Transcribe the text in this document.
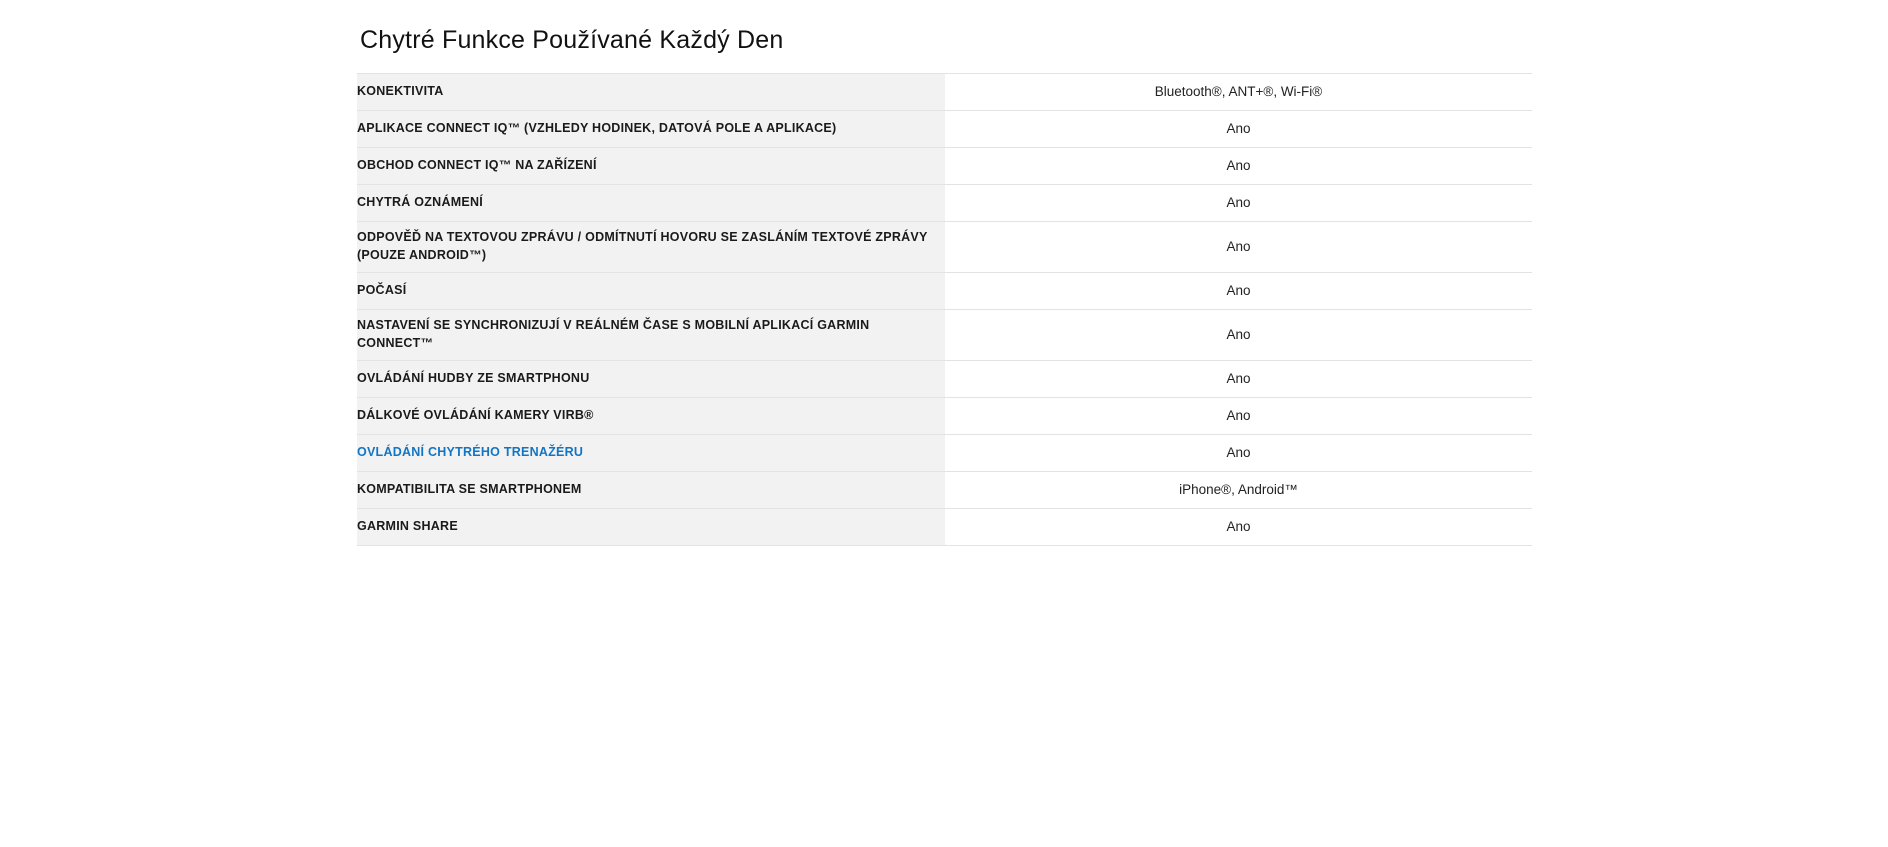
Chytré Funkce Používané Každý Den
KONEKTIVITA	Bluetooth®, ANT+®, Wi-Fi®
APLIKACE CONNECT IQ™ (VZHLEDY HODINEK, DATOVÁ POLE A APLIKACE)	Ano
OBCHOD CONNECT IQ™ NA ZAŘÍZENÍ	Ano
CHYTRÁ OZNÁMENÍ	Ano
ODPOVĚĎ NA TEXTOVOU ZPRÁVU / ODMÍTNUTÍ HOVORU SE ZASLÁNÍM TEXTOVÉ ZPRÁVY (POUZE ANDROID™)	Ano
POČASÍ	Ano
NASTAVENÍ SE SYNCHRONIZUJÍ V REÁLNÉM ČASE S MOBILNÍ APLIKACÍ GARMIN CONNECT™	Ano
OVLÁDÁNÍ HUDBY ZE SMARTPHONU	Ano
DÁLKOVÉ OVLÁDÁNÍ KAMERY VIRB®	Ano
OVLÁDÁNÍ CHYTRÉHO TRENAŽÉRU	Ano
KOMPATIBILITA SE SMARTPHONEM	iPhone®, Android™
GARMIN SHARE	Ano
